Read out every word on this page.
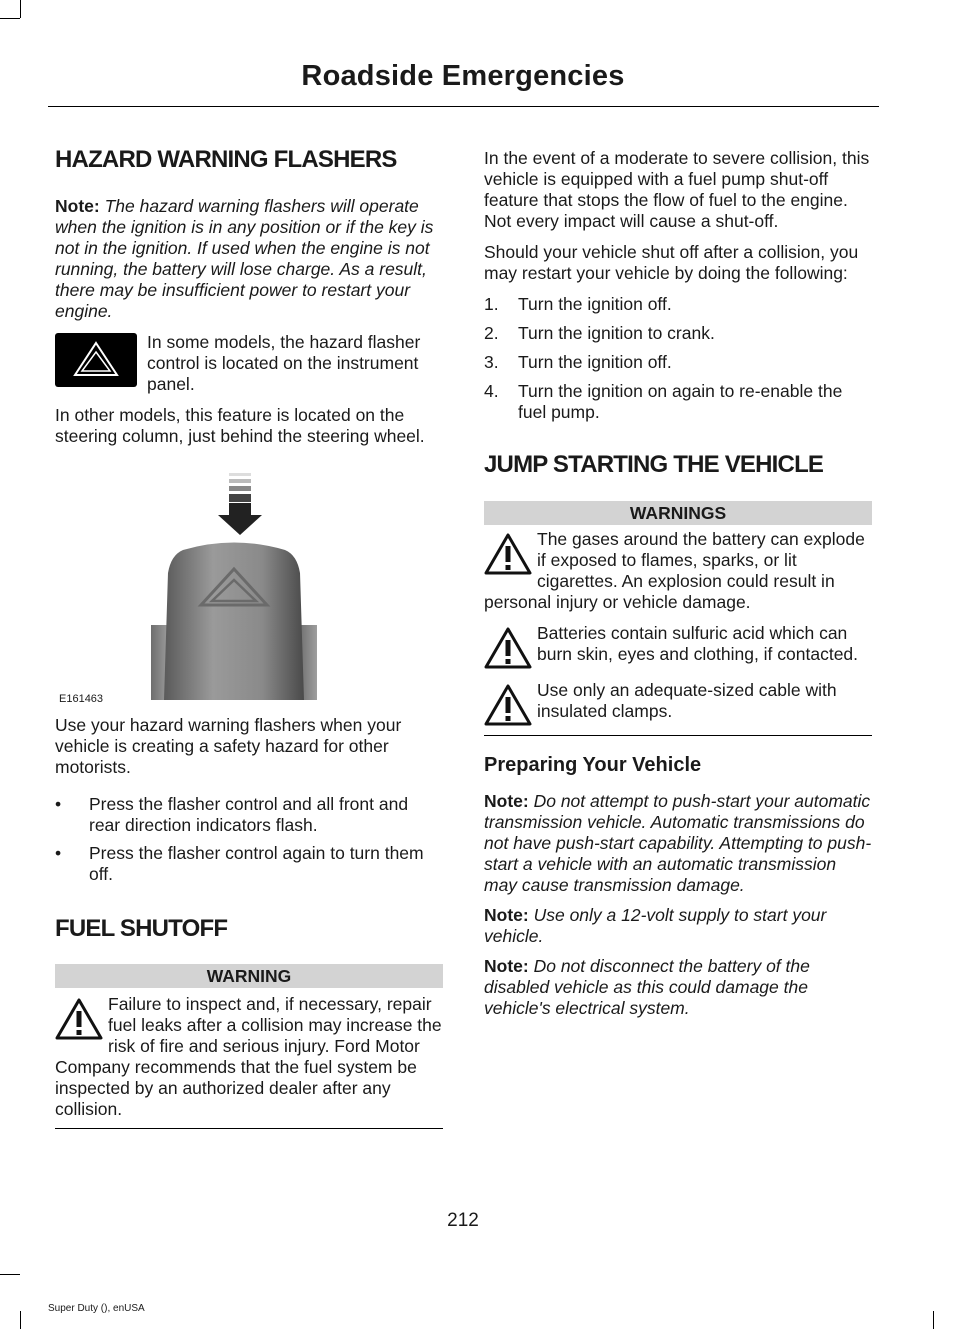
Roadside Emergencies
HAZARD WARNING FLASHERS

Note: The hazard warning flashers will operate when the ignition is in any position or if the key is not in the ignition. If used when the engine is not running, the battery will lose charge. As a result, there may be insufficient power to restart your engine.

In some models, the hazard flasher control is located on the instrument panel.

In other models, this feature is located on the steering column, just behind the steering wheel.

E161463

Use your hazard warning flashers when your vehicle is creating a safety hazard for other motorists.

• Press the flasher control and all front and rear direction indicators flash.
• Press the flasher control again to turn them off.
FUEL SHUTOFF
WARNING
Failure to inspect and, if necessary, repair fuel leaks after a collision may increase the risk of fire and serious injury. Ford Motor Company recommends that the fuel system be inspected by an authorized dealer after any collision.

In the event of a moderate to severe collision, this vehicle is equipped with a fuel pump shut-off feature that stops the flow of fuel to the engine. Not every impact will cause a shut-off.

Should your vehicle shut off after a collision, you may restart your vehicle by doing the following:

1. Turn the ignition off.
2. Turn the ignition to crank.
3. Turn the ignition off.
4. Turn the ignition on again to re-enable the fuel pump.
JUMP STARTING THE VEHICLE
WARNINGS
The gases around the battery can explode if exposed to flames, sparks, or lit cigarettes. An explosion could result in personal injury or vehicle damage.
Batteries contain sulfuric acid which can burn skin, eyes and clothing, if contacted.
Use only an adequate-sized cable with insulated clamps.
Preparing Your Vehicle

Note: Do not attempt to push-start your automatic transmission vehicle. Automatic transmissions do not have push-start capability. Attempting to push-start a vehicle with an automatic transmission may cause transmission damage.

Note: Use only a 12-volt supply to start your vehicle.

Note: Do not disconnect the battery of the disabled vehicle as this could damage the vehicle's electrical system.

212
Super Duty (), enUSA
